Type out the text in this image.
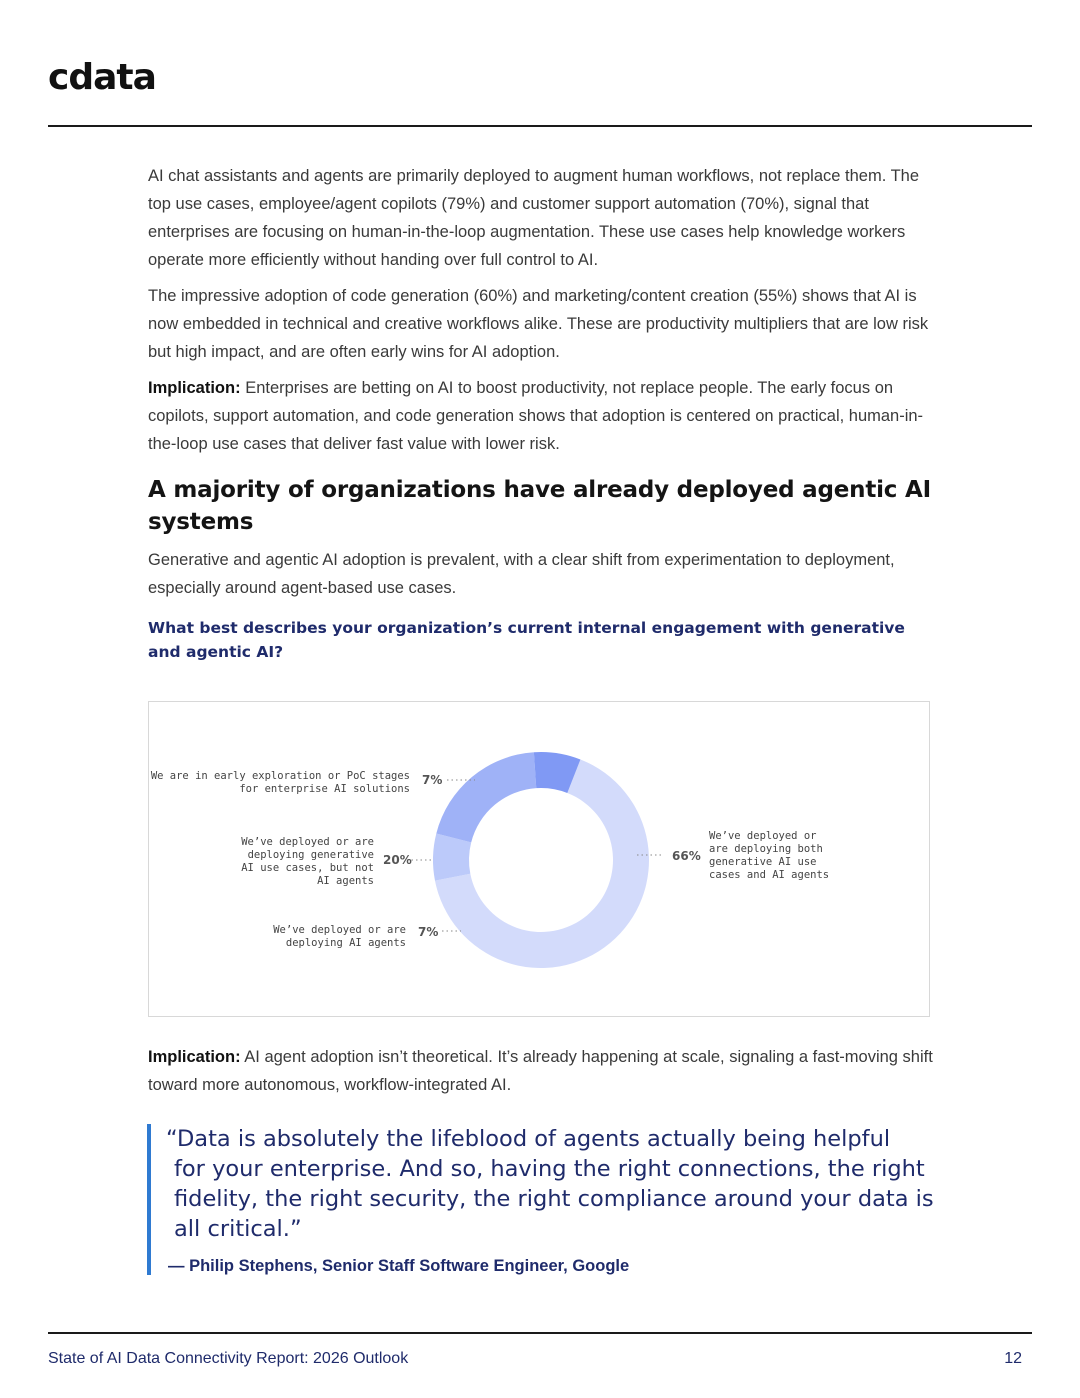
cdata

AI chat assistants and agents are primarily deployed to augment human workflows, not replace them. The top use cases, employee/agent copilots (79%) and customer support automation (70%), signal that enterprises are focusing on human-in-the-loop augmentation. These use cases help knowledge workers operate more efficiently without handing over full control to AI.

The impressive adoption of code generation (60%) and marketing/content creation (55%) shows that AI is now embedded in technical and creative workflows alike. These are productivity multipliers that are low risk but high impact, and are often early wins for AI adoption.

Implication: Enterprises are betting on AI to boost productivity, not replace people. The early focus on copilots, support automation, and code generation shows that adoption is centered on practical, human-in-the-loop use cases that deliver fast value with lower risk.

A majority of organizations have already deployed agentic AI systems

Generative and agentic AI adoption is prevalent, with a clear shift from experimentation to deployment, especially around agent-based use cases.

What best describes your organization’s current internal engagement with generative and agentic AI?

We are in early exploration or PoC stages for enterprise AI solutions
7%
We’ve deployed or are deploying generative AI use cases, but not AI agents
20%
We’ve deployed or are deploying AI agents
7%
66%
We’ve deployed or are deploying both generative AI use cases and AI agents

Implication: AI agent adoption isn’t theoretical. It’s already happening at scale, signaling a fast-moving shift toward more autonomous, workflow-integrated AI.

“Data is absolutely the lifeblood of agents actually being helpful
for your enterprise. And so, having the right connections, the right
fidelity, the right security, the right compliance around your data is
all critical.”
— Philip Stephens, Senior Staff Software Engineer, Google
State of AI Data Connectivity Report: 2026 Outlook	12
